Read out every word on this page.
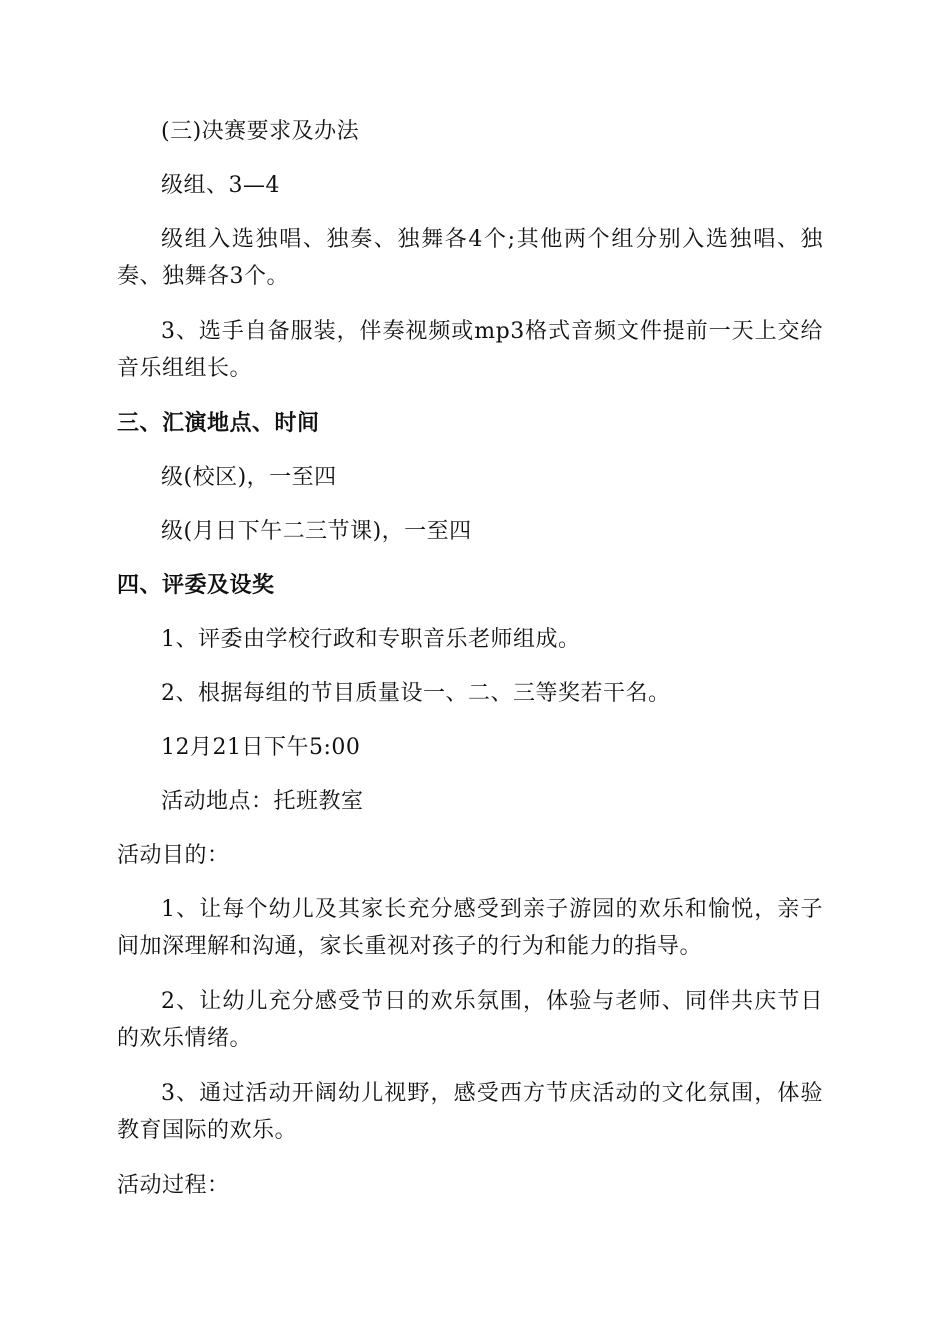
(三)决赛要求及办法

级组、3—4

级组入选独唱、独奏、独舞各4个;其他两个组分别入选独唱、独奏、独舞各3个。

3、选手自备服装，伴奏视频或mp3格式音频文件提前一天上交给音乐组组长。

三、汇演地点、时间

级(校区)，一至四

级(月日下午二三节课)，一至四

四、评委及设奖

1、评委由学校行政和专职音乐老师组成。

2、根据每组的节目质量设一、二、三等奖若干名。

12月21日下午5:00

活动地点：托班教室

活动目的：

1、让每个幼儿及其家长充分感受到亲子游园的欢乐和愉悦，亲子间加深理解和沟通，家长重视对孩子的行为和能力的指导。

2、让幼儿充分感受节日的欢乐氛围，体验与老师、同伴共庆节日的欢乐情绪。

3、通过活动开阔幼儿视野，感受西方节庆活动的文化氛围，体验教育国际的欢乐。

活动过程：
